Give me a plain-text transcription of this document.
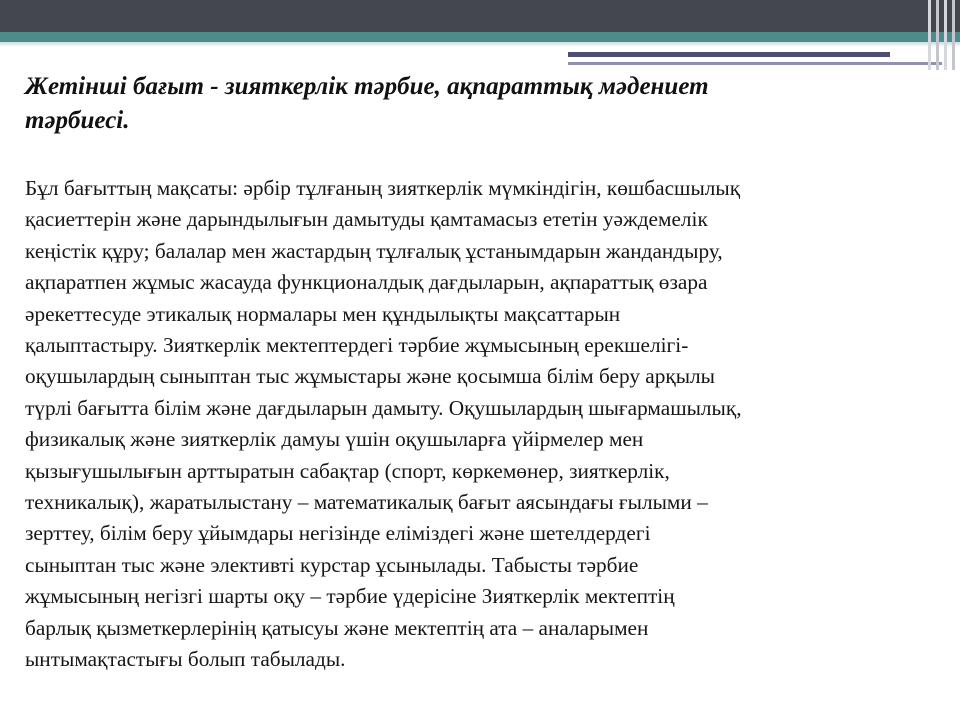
Жетінші бағыт - зияткерлік тәрбие, ақпараттық мәдениет
тәрбиесі.
Бұл бағыттың мақсаты: әрбір тұлғаның зияткерлік мүмкіндігін, көшбасшылық
қасиеттерін және дарындылығын дамытуды қамтамасыз ететін уәждемелік
кеңістік құру; балалар мен жастардың тұлғалық ұстанымдарын жандандыру,
ақпаратпен жұмыс жасауда функционалдық дағдыларын, ақпараттық өзара
әрекеттесуде этикалық нормалары мен құндылықты мақсаттарын
қалыптастыру. Зияткерлік мектептердегі тәрбие жұмысының ерекшелігі-
оқушылардың сыныптан тыс жұмыстары және қосымша білім беру арқылы
түрлі бағытта білім және дағдыларын дамыту. Оқушылардың шығармашылық,
физикалық және зияткерлік дамуы үшін оқушыларға үйірмелер мен
қызығушылығын арттыратын сабақтар (спорт, көркемөнер, зияткерлік,
техникалық), жаратылыстану – математикалық бағыт аясындағы ғылыми –
зерттеу, білім беру ұйымдары негізінде еліміздегі және шетелдердегі
сыныптан тыс және элективті курстар ұсынылады. Табысты тәрбие
жұмысының негізгі шарты оқу – тәрбие үдерісіне Зияткерлік мектептің
барлық қызметкерлерінің қатысуы және мектептің ата – аналарымен
ынтымақтастығы болып табылады.
